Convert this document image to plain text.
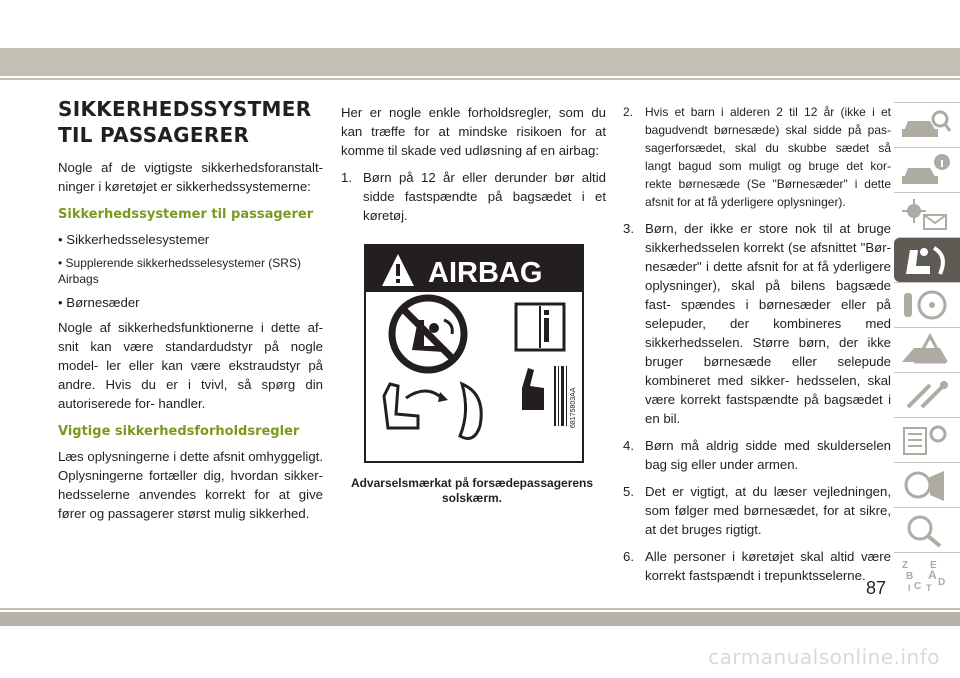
SIKKERHEDSSYSTMER TIL PASSAGERER

Nogle af de vigtigste sikkerhedsforanstalt- ninger i køretøjet er sikkerhedssystemerne:

Sikkerhedssystemer til passagerer
• Sikkerhedsselesystemer
• Supplerende sikkerhedsselesystemer (SRS) Airbags
• Børnesæder

Nogle af sikkerhedsfunktionerne i dette af- snit kan være standardudstyr på nogle model- ler eller kan være ekstraudstyr på andre. Hvis du er i tvivl, så spørg din autoriserede for- handler.

Vigtige sikkerhedsforholdsregler

Læs oplysningerne i dette afsnit omhyggeligt. Oplysningerne fortæller dig, hvordan sikker- hedsselerne anvendes korrekt for at give fører og passagerer størst mulig sikkerhed.

Her er nogle enkle forholdsregler, som du kan træffe for at mindske risikoen for at komme til skade ved udløsning af en airbag:

1. Børn på 12 år eller derunder bør altid sidde fastspændte på bagsædet i et køretøj.
AIRBAG
68175803AA
Advarselsmærkat på forsædepassagerens solskærm.
2. Hvis et barn i alderen 2 til 12 år (ikke i et bagudvendt børnesæde) skal sidde på pas- sagerforsædet, skal du skubbe sædet så langt bagud som muligt og bruge det kor- rekte børnesæde (Se "Børnesæder" i dette afsnit for at få yderligere oplysninger).
3. Børn, der ikke er store nok til at bruge sikkerhedsselen korrekt (se afsnittet "Bør- nesæder" i dette afsnit for at få yderligere oplysninger), skal på bilens bagsæde fast- spændes i børnesæder eller på selepuder, der kombineres med sikkerhedsselen. Større børn, der ikke bruger børnesæde eller selepude kombineret med sikker- hedsselen, skal være korrekt fastspændte på bagsædet i en bil.
4. Børn må aldrig sidde med skulderselen bag sig eller under armen.
5. Det er vigtigt, at du læser vejledningen, som følger med børnesædet, for at sikre, at det bruges rigtigt.
6. Alle personer i køretøjet skal altid være korrekt fastspændt i trepunktsselerne.
Z E
B A
C D
I T
87
carmanualsonline.info
